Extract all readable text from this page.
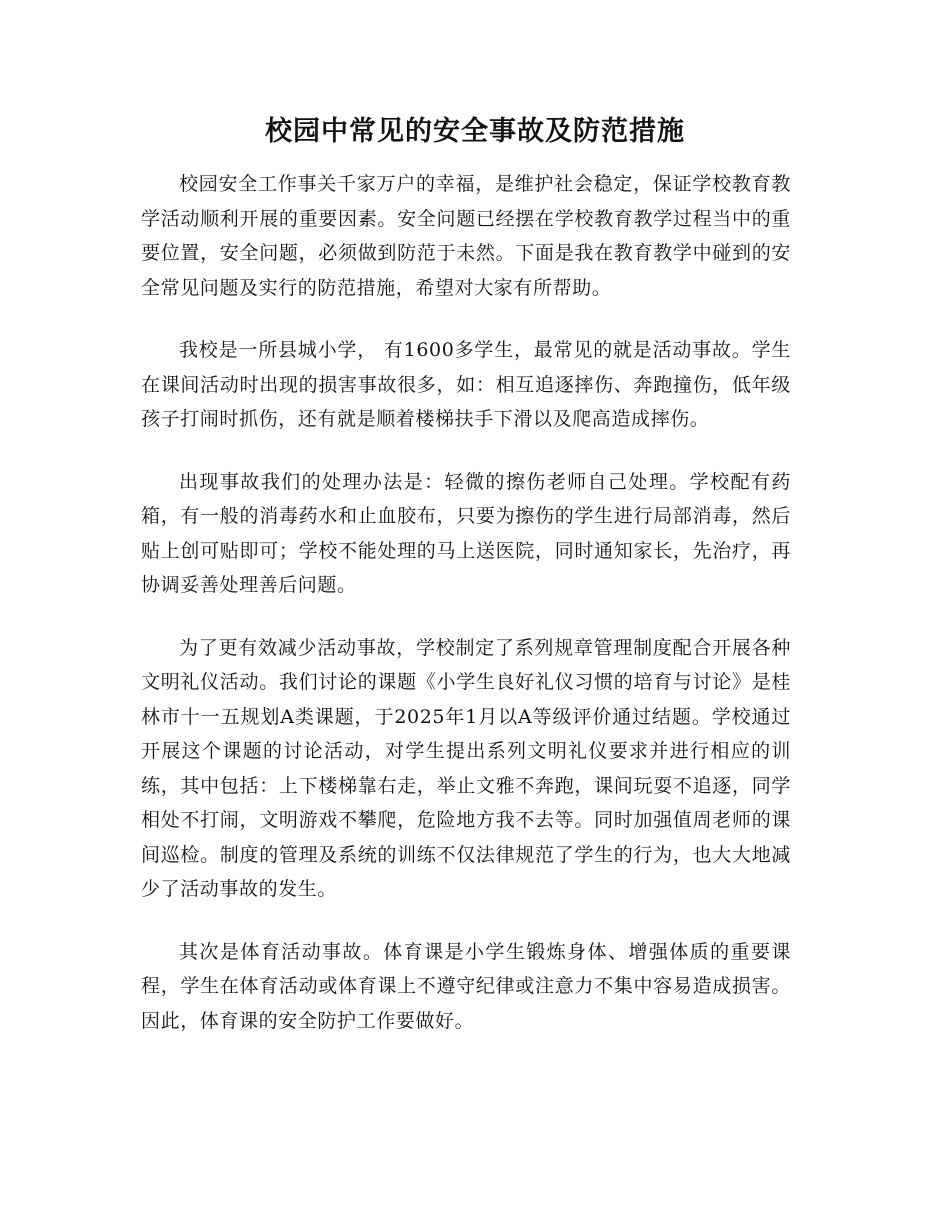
校园中常见的安全事故及防范措施

校园安全工作事关千家万户的幸福，是维护社会稳定，保证学校教育教学活动顺利开展的重要因素。安全问题已经摆在学校教育教学过程当中的重要位置，安全问题，必须做到防范于未然。下面是我在教育教学中碰到的安全常见问题及实行的防范措施，希望对大家有所帮助。

我校是一所县城小学， 有1600多学生，最常见的就是活动事故。学生在课间活动时出现的损害事故很多，如：相互追逐摔伤、奔跑撞伤，低年级孩子打闹时抓伤，还有就是顺着楼梯扶手下滑以及爬高造成摔伤。

出现事故我们的处理办法是：轻微的擦伤老师自己处理。学校配有药箱，有一般的消毒药水和止血胶布，只要为擦伤的学生进行局部消毒，然后贴上创可贴即可；学校不能处理的马上送医院，同时通知家长，先治疗，再协调妥善处理善后问题。

为了更有效减少活动事故，学校制定了系列规章管理制度配合开展各种文明礼仪活动。我们讨论的课题《小学生良好礼仪习惯的培育与讨论》是桂林市十一五规划A类课题，于2025年1月以A等级评价通过结题。学校通过开展这个课题的讨论活动，对学生提出系列文明礼仪要求并进行相应的训练，其中包括：上下楼梯靠右走，举止文雅不奔跑，课间玩耍不追逐，同学相处不打闹，文明游戏不攀爬，危险地方我不去等。同时加强值周老师的课间巡检。制度的管理及系统的训练不仅法律规范了学生的行为，也大大地减少了活动事故的发生。

其次是体育活动事故。体育课是小学生锻炼身体、增强体质的重要课程，学生在体育活动或体育课上不遵守纪律或注意力不集中容易造成损害。因此，体育课的安全防护工作要做好。
